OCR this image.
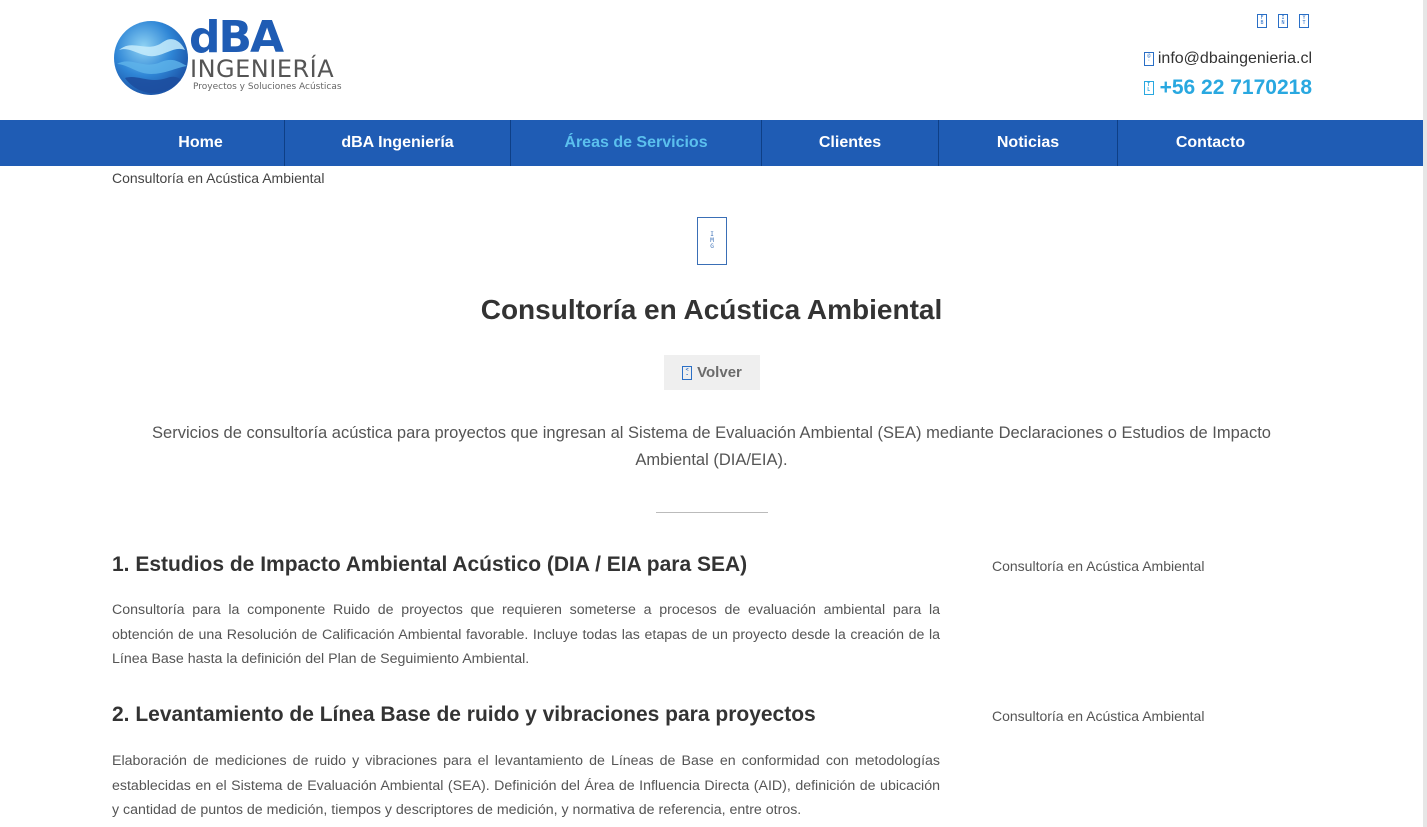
dBA
INGENIERÍA
Proyectos y Soluciones Acústicas
F
B
I
N
Y
T
@
· info@dbaingenieria.cl
T
L +56 22 7170218
Home	dBA Ingeniería	Áreas de Servicios	Clientes	Noticias	Contacto
Consultoría en Acústica Ambiental
I
M
G
Consultoría en Acústica Ambiental
<
- Volver

Servicios de consultoría acústica para proyectos que ingresan al Sistema de Evaluación Ambiental (SEA) mediante Declaraciones o Estudios de Impacto Ambiental (DIA/EIA).

1. Estudios de Impacto Ambiental Acústico (DIA / EIA para SEA)

Consultoría para la componente Ruido de proyectos que requieren someterse a procesos de evaluación ambiental para la obtención de una Resolución de Calificación Ambiental favorable. Incluye todas las etapas de un proyecto desde la creación de la Línea Base hasta la definición del Plan de Seguimiento Ambiental.

Consultoría en Acústica Ambiental
2. Levantamiento de Línea Base de ruido y vibraciones para proyectos

Elaboración de mediciones de ruido y vibraciones para el levantamiento de Líneas de Base en conformidad con metodologías establecidas en el Sistema de Evaluación Ambiental (SEA). Definición del Área de Influencia Directa (AID), definición de ubicación y cantidad de puntos de medición, tiempos y descriptores de medición, y normativa de referencia, entre otros.

Consultoría en Acústica Ambiental
